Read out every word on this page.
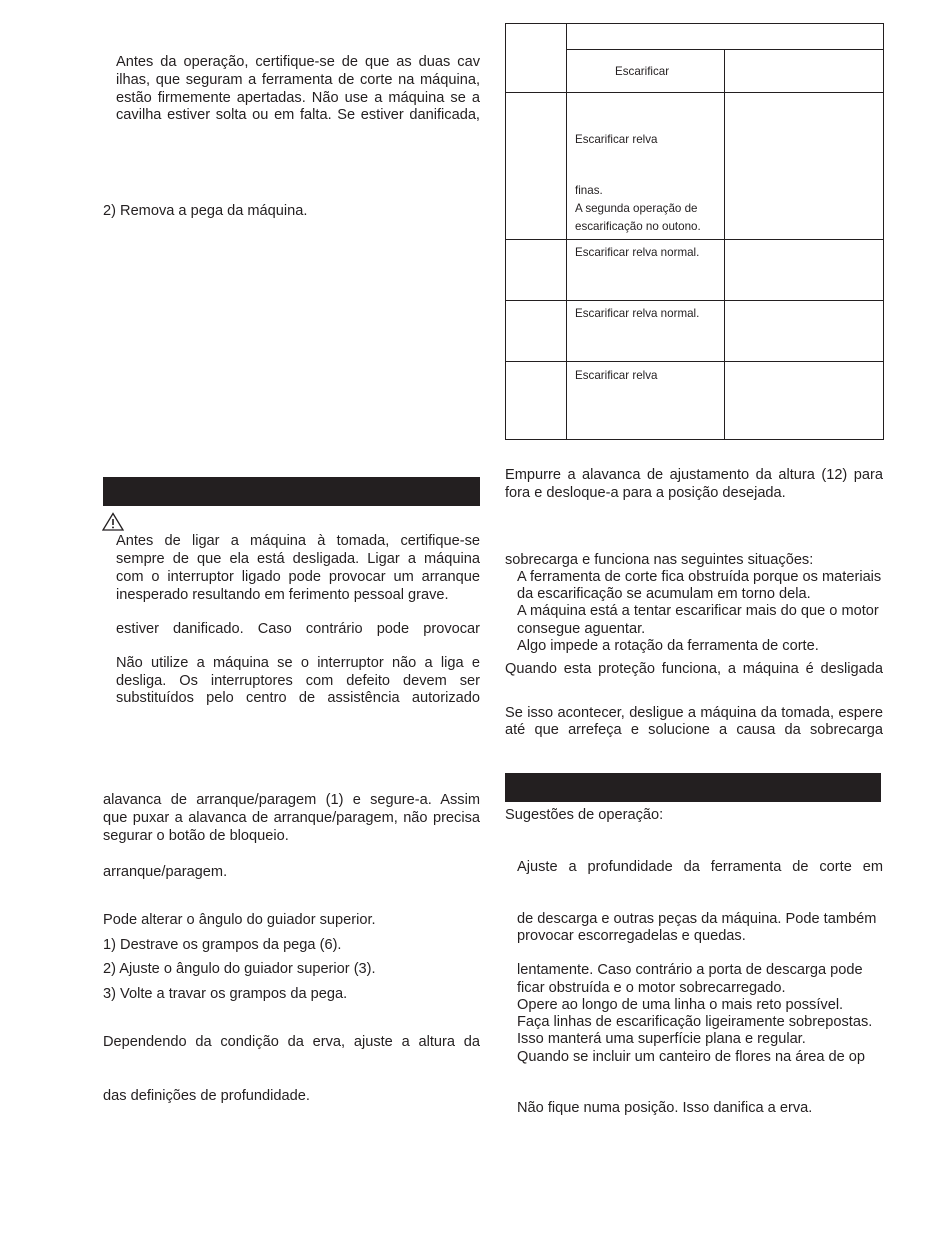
Antes da operação, certifique-se de que as duas cav
ilhas, que seguram a ferramenta de corte na máquina,
estão firmemente apertadas. Não use a máquina se a
cavilha estiver solta ou em falta. Se estiver danificada,
2) Remova a pega da máquina.
Antes de ligar a máquina à tomada, certifique-se
sempre de que ela está desligada. Ligar a máquina
com o interruptor ligado pode provocar um arranque
inesperado resultando em ferimento pessoal grave.
estiver danificado. Caso contrário pode provocar
Não utilize a máquina se o interruptor não a liga e
desliga. Os interruptores com defeito devem ser
substituídos pelo centro de assistência autorizado
alavanca de arranque/paragem (1) e segure-a. Assim
que puxar a alavanca de arranque/paragem, não precisa
segurar o botão de bloqueio.
arranque/paragem.
Pode alterar o ângulo do guiador superior.
1) Destrave os grampos da pega (6).
2) Ajuste o ângulo do guiador superior (3).
3) Volte a travar os grampos da pega.
Dependendo da condição da erva, ajuste a altura da
das definições de profundidade.
Escarificar
Escarificar relva
finas.
A segunda operação de
escarificação no outono.
Escarificar relva normal.
Escarificar relva normal.
Escarificar relva
Empurre a alavanca de ajustamento da altura (12) para
fora e desloque-a para a posição desejada.
sobrecarga e funciona nas seguintes situações:
A ferramenta de corte fica obstruída porque os materiais
da escarificação se acumulam em torno dela.
A máquina está a tentar escarificar mais do que o motor
consegue aguentar.
Algo impede a rotação da ferramenta de corte.
Quando esta proteção funciona, a máquina é desligada
Se isso acontecer, desligue a máquina da tomada, espere
até que arrefeça e solucione a causa da sobrecarga
Sugestões de operação:
Ajuste a profundidade da ferramenta de corte em
de descarga e outras peças da máquina. Pode também
provocar escorregadelas e quedas.
lentamente. Caso contrário a porta de descarga pode
ficar obstruída e o motor sobrecarregado.
Opere ao longo de uma linha o mais reto possível.
Faça linhas de escarificação ligeiramente sobrepostas.
Isso manterá uma superfície plana e regular.
Quando se incluir um canteiro de flores na área de op
Não fique numa posição. Isso danifica a erva.
